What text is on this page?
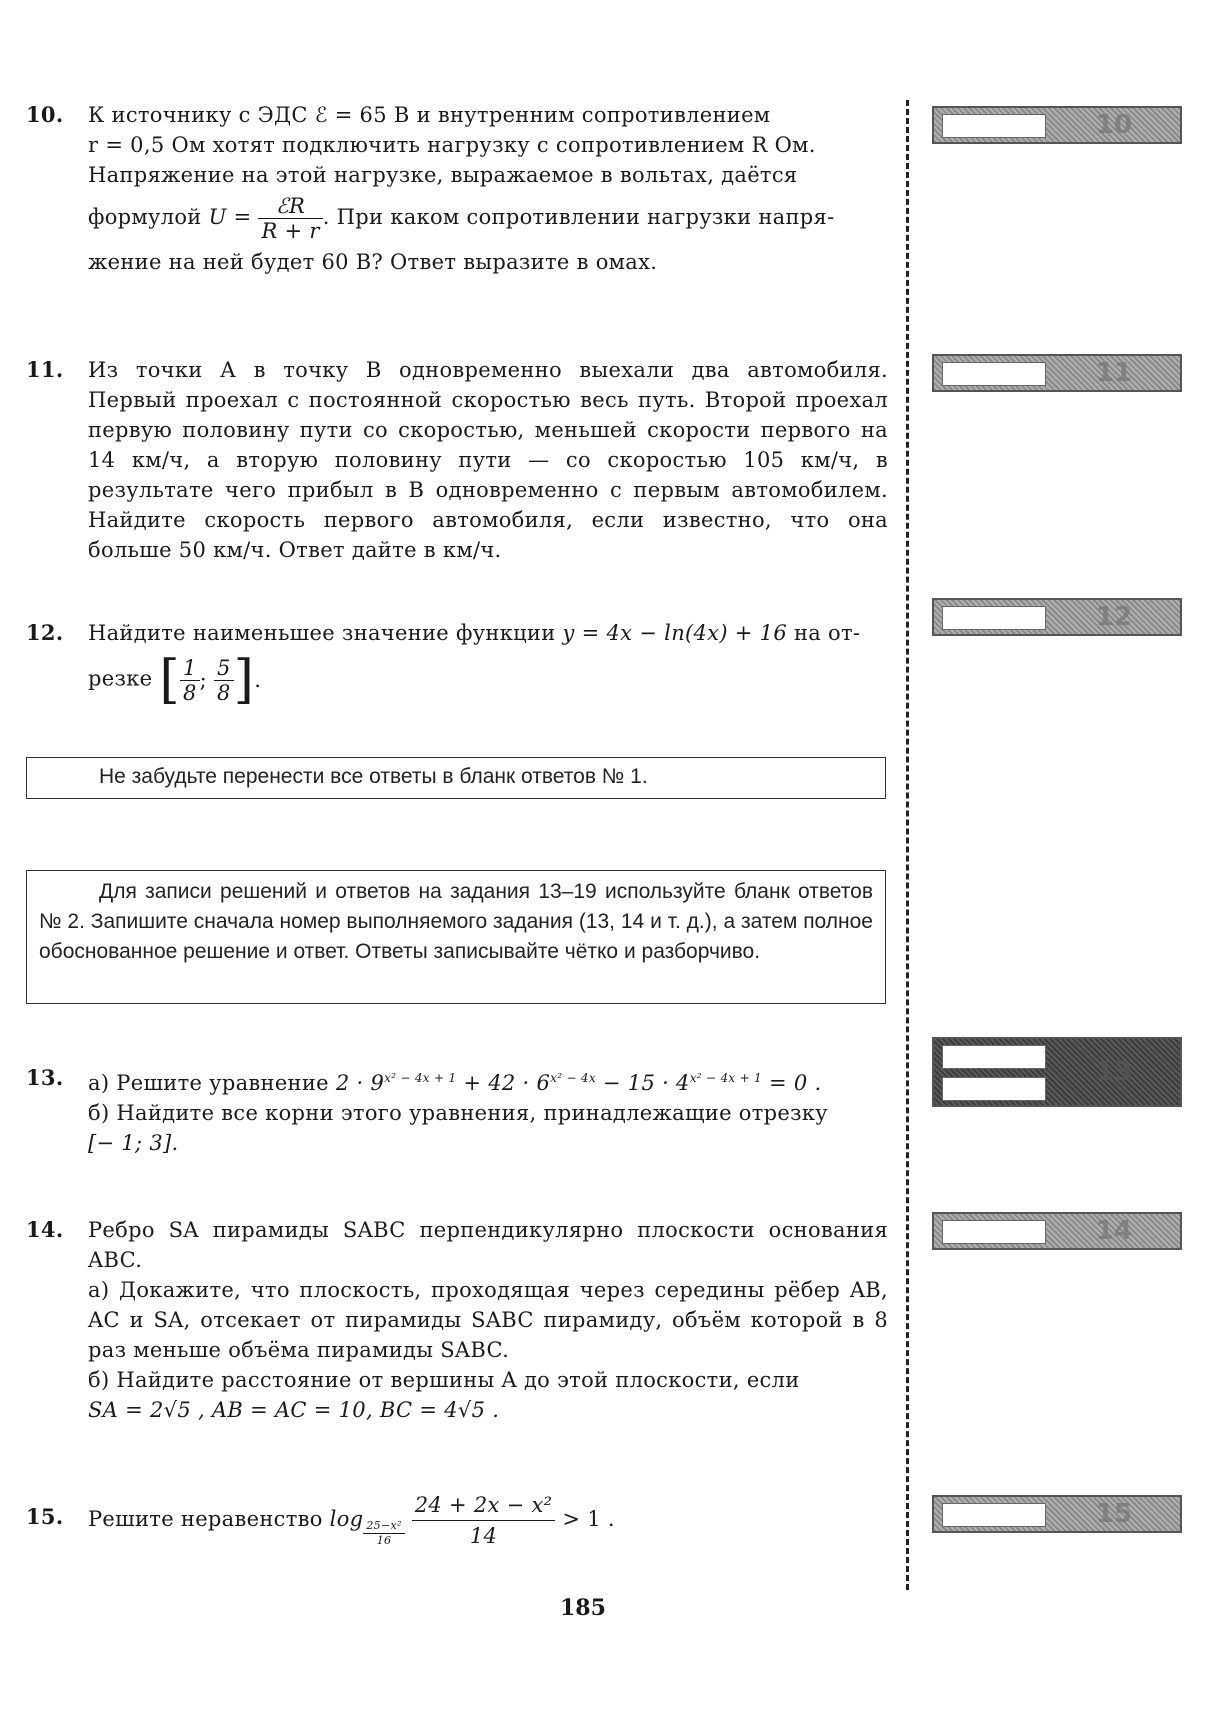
10. К источнику с ЭДС ℰ = 65 В и внутренним сопротивлением

r = 0,5 Ом хотят подключить нагрузку с сопротивлением R Ом.

Напряжение на этой нагрузке, выражаемое в вольтах, даётся

формулой $U = \frac{\text{ℰR}}{R + r}$ . При каком сопротивлении нагрузки напря-

жение на ней будет 60 В? Ответ выразите в омах.

11. Из точки А в точку В одновременно выехали два автомобиля. Первый проехал с постоянной скоростью весь путь. Второй проехал первую половину пути со скоростью, меньшей скорости первого на 14 км/ч, а вторую половину пути — со скоростью 105 км/ч, в результате чего прибыл в В одновременно с первым автомобилем. Найдите скорость первого автомобиля, если известно, что она больше 50 км/ч. Ответ дайте в км/ч.

12. Найдите наименьшее значение функции y = 4x − ln(4x) + 16 на от-

резке [ $\frac{1}{8}$ ; $\frac{5}{8}$ ] .

Не забудьте перенести все ответы в бланк ответов № 1.
Для записи решений и ответов на задания 13–19 используйте бланк ответов № 2. Запишите сначала номер выполняемого задания (13, 14 и т. д.), а затем полное обоснованное решение и ответ. Ответы записывайте чётко и разборчиво.
13. а) Решите уравнение $2 \cdot 9^{x^2 - 4x + 1} + 42 \cdot 6^{x^2 - 4x} - 15 \cdot 4^{x^2 - 4x + 1} = 0$ .

б) Найдите все корни этого уравнения, принадлежащие отрезку

[− 1; 3].

14. Ребро SA пирамиды SABC перпендикулярно плоскости основания ABC.

а) Докажите, что плоскость, проходящая через середины рёбер AB, AC и SA, отсекает от пирамиды SABC пирамиду, объём которой в 8 раз меньше объёма пирамиды SABC.

б) Найдите расстояние от вершины A до этой плоскости, если

SA = 2√5 , AB = AC = 10, BC = 4√5 .

15. Решите неравенство $\log \frac{\text{25−x²}}{16}$
$\frac{\text{24 + 2x − x²}}{14} > 1$ .
10
11
12
13
14
15
185
